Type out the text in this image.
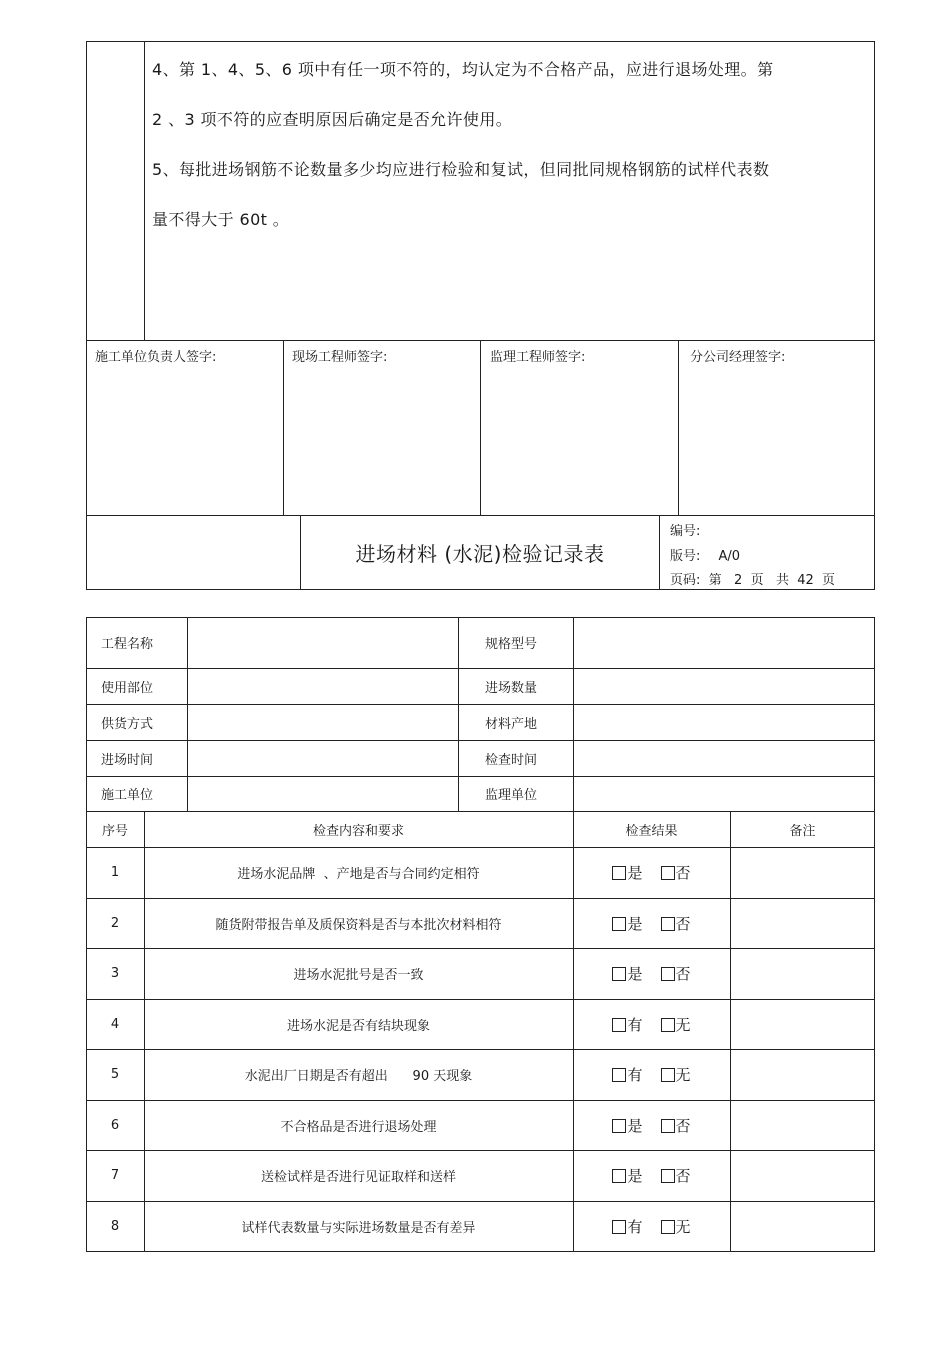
4、第 1、4、5、6 项中有任一项不符的，均认定为不合格产品，应进行退场处理。第
2 、3 项不符的应查明原因后确定是否允许使用。
5、每批进场钢筋不论数量多少均应进行检验和复试，但同批同规格钢筋的试样代表数
量不得大于 60t 。
施工单位负责人签字:	现场工程师签字:	监理工程师签字:	分公司经理签字:
进场材料 (水泥)检验记录表
编号:
版号: A/0
页码:  第   2  页   共  42  页
工程名称	规格型号
使用部位	进场数量
供货方式	材料产地
进场时间	检查时间
施工单位	监理单位
序号	检查内容和要求	检查结果	备注
1	进场水泥品牌  、产地是否与合同约定相符	是 否
2	随货附带报告单及质保资料是否与本批次材料相符	是 否
3	进场水泥批号是否一致	是 否
4	进场水泥是否有结块现象	有 无
5	水泥出厂日期是否有超出      90 天现象	有 无
6	不合格品是否进行退场处理	是 否
7	送检试样是否进行见证取样和送样	是 否
8	试样代表数量与实际进场数量是否有差异	有 无
